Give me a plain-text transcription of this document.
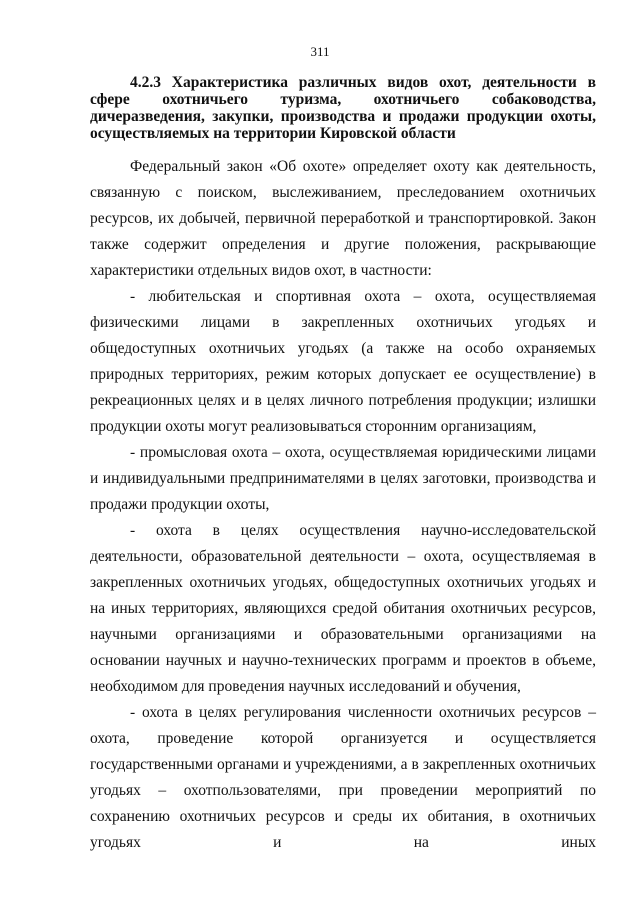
311
4.2.3 Характеристика различных видов охот, деятельности в сфере охотничьего туризма, охотничьего собаководства, дичеразведения, закупки, производства и продажи продукции охоты, осуществляемых на территории Кировской области

Федеральный закон «Об охоте» определяет охоту как деятельность, связанную с поиском, выслеживанием, преследованием охотничьих ресурсов, их добычей, первичной переработкой и транспортировкой. Закон также содержит определения и другие положения, раскрывающие характеристики отдельных видов охот, в частности:

- любительская и спортивная охота – охота, осуществляемая физическими лицами в закрепленных охотничьих угодьях и общедоступных охотничьих угодьях (а также на особо охраняемых природных территориях, режим которых допускает ее осуществление) в рекреационных целях и в целях личного потребления продукции; излишки продукции охоты могут реализовываться сторонним организациям,

- промысловая охота – охота, осуществляемая юридическими лицами и индивидуальными предпринимателями в целях заготовки, производства и продажи продукции охоты,

- охота в целях осуществления научно-исследовательской деятельности, образовательной деятельности – охота, осуществляемая в закрепленных охотничьих угодьях, общедоступных охотничьих угодьях и на иных территориях, являющихся средой обитания охотничьих ресурсов, научными организациями и образовательными организациями на основании научных и научно-технических программ и проектов в объеме, необходимом для проведения научных исследований и обучения,

- охота в целях регулирования численности охотничьих ресурсов – охота, проведение которой организуется и осуществляется государственными органами и учреждениями, а в закрепленных охотничьих угодьях – охотпользователями, при проведении мероприятий по сохранению охотничьих ресурсов и среды их обитания, в охотничьих угодьях и на иных
